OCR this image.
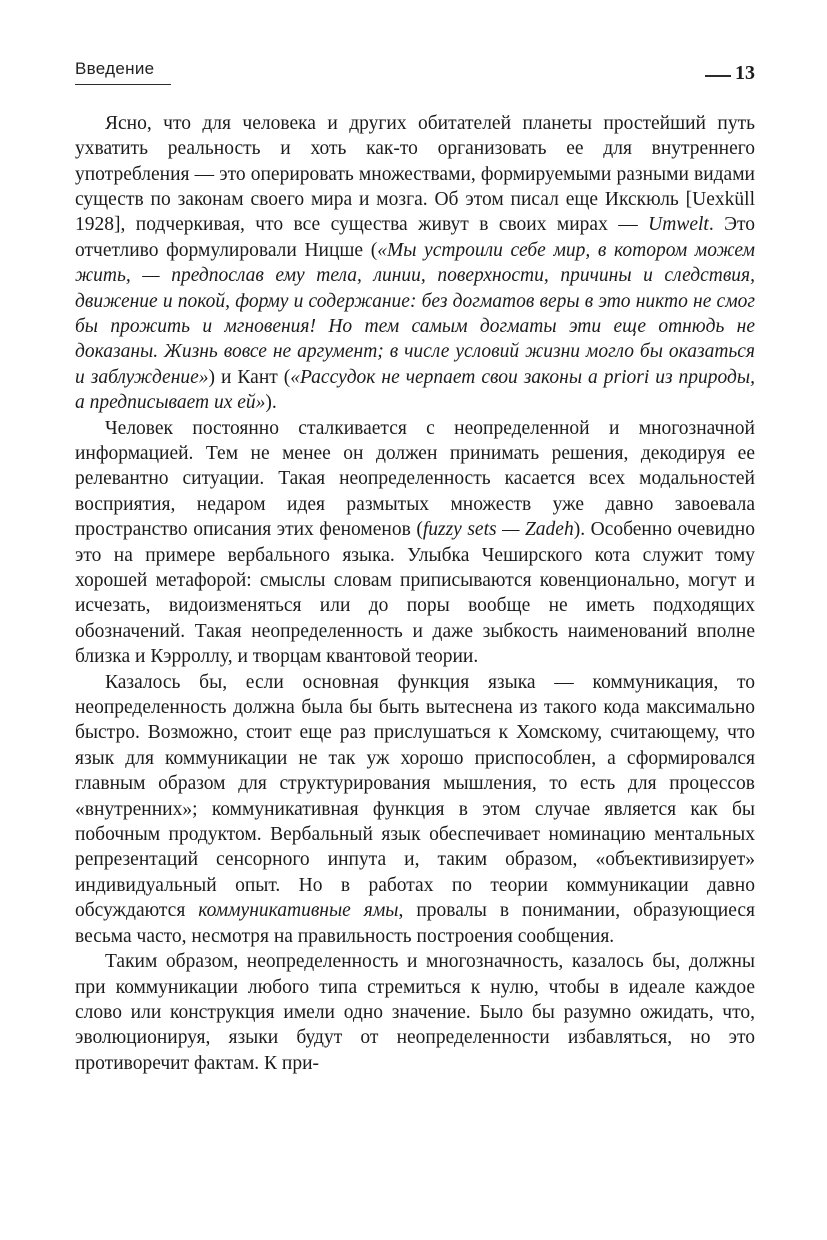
Введение	13

Ясно, что для человека и других обитателей планеты простейший путь ухватить реальность и хоть как-то организовать ее для внутреннего употребления — это оперировать множествами, формируемыми разными видами существ по законам своего мира и мозга. Об этом писал еще Икскюль [Uexküll 1928], подчеркивая, что все существа живут в своих мирах — Umwelt. Это отчетливо формулировали Ницше («Мы устроили себе мир, в котором можем жить, — предпослав ему тела, линии, поверхности, причины и следствия, движение и покой, форму и содержание: без догматов веры в это никто не смог бы прожить и мгновения! Но тем самым догматы эти еще отнюдь не доказаны. Жизнь вовсе не аргумент; в числе условий жизни могло бы оказаться и заблуждение») и Кант («Рассудок не черпает свои законы a priori из природы, а предписывает их ей»).

Человек постоянно сталкивается с неопределенной и многозначной информацией. Тем не менее он должен принимать решения, декодируя ее релевантно ситуации. Такая неопределенность касается всех модальностей восприятия, недаром идея размытых множеств уже давно завоевала пространство описания этих феноменов (fuzzy sets — Zadeh). Особенно очевидно это на примере вербального языка. Улыбка Чеширского кота служит тому хорошей метафорой: смыслы словам приписываются ковенционально, могут и исчезать, видоизменяться или до поры вообще не иметь подходящих обозначений. Такая неопределенность и даже зыбкость наименований вполне близка и Кэрроллу, и творцам квантовой теории.

Казалось бы, если основная функция языка — коммуникация, то неопределенность должна была бы быть вытеснена из такого кода максимально быстро. Возможно, стоит еще раз прислушаться к Хомскому, считающему, что язык для коммуникации не так уж хорошо приспособлен, а сформировался главным образом для структурирования мышления, то есть для процессов «внутренних»; коммуникативная функция в этом случае является как бы побочным продуктом. Вербальный язык обеспечивает номинацию ментальных репрезентаций сенсорного инпута и, таким образом, «объективизирует» индивидуальный опыт. Но в работах по теории коммуникации давно обсуждаются коммуникативные ямы, провалы в понимании, образующиеся весьма часто, несмотря на правильность построения сообщения.

Таким образом, неопределенность и многозначность, казалось бы, должны при коммуникации любого типа стремиться к нулю, чтобы в идеале каждое слово или конструкция имели одно значение. Было бы разумно ожидать, что, эволюционируя, языки будут от неопределенности избавляться, но это противоречит фактам. К при-
